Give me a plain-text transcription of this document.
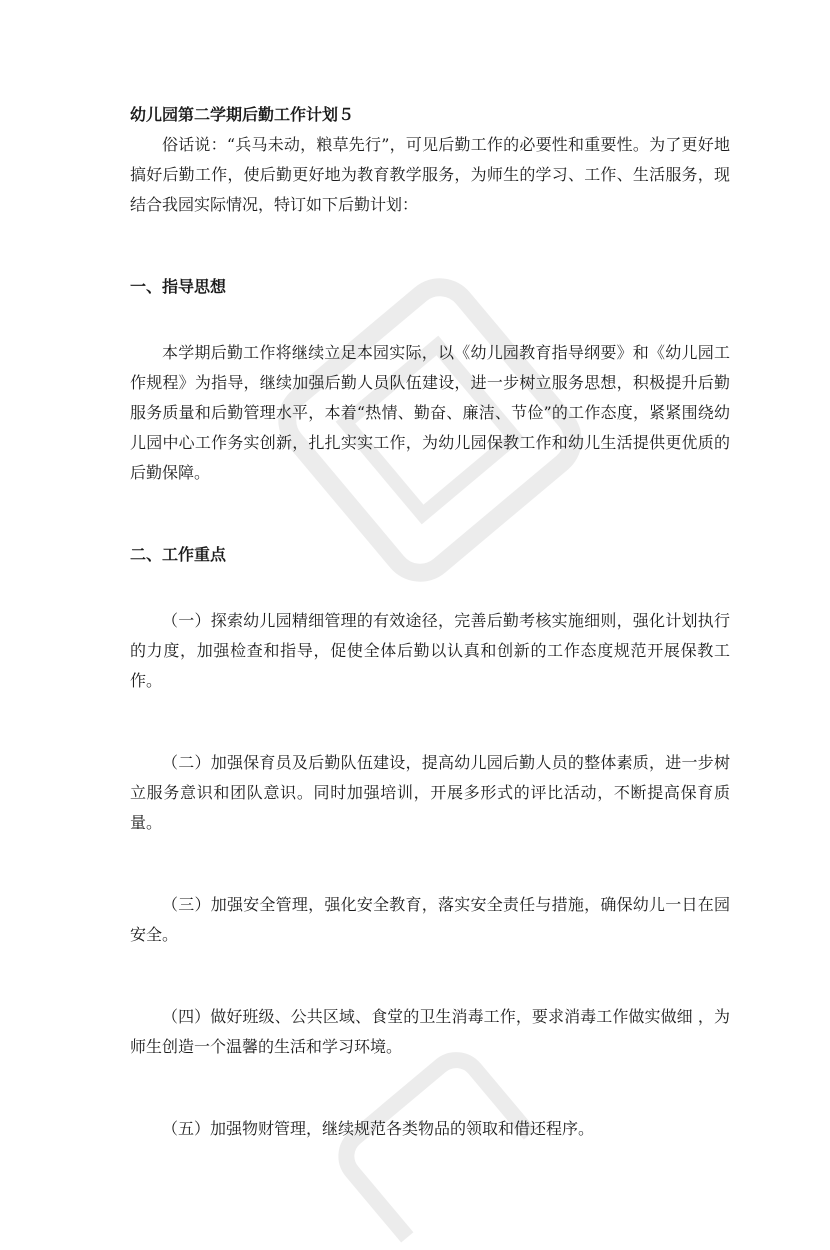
幼儿园第二学期后勤工作计划５

俗话说：“兵马未动，粮草先行”，可见后勤工作的必要性和重要性。为了更好地搞好后勤工作，使后勤更好地为教育教学服务，为师生的学习、工作、生活服务，现结合我园实际情况，特订如下后勤计划：

一、指导思想

本学期后勤工作将继续立足本园实际，以《幼儿园教育指导纲要》和《幼儿园工作规程》为指导，继续加强后勤人员队伍建设，进一步树立服务思想，积极提升后勤服务质量和后勤管理水平，本着“热情、勤奋、廉洁、节俭”的工作态度，紧紧围绕幼儿园中心工作务实创新，扎扎实实工作，为幼儿园保教工作和幼儿生活提供更优质的后勤保障。

二、工作重点

（一）探索幼儿园精细管理的有效途径，完善后勤考核实施细则，强化计划执行的力度，加强检查和指导，促使全体后勤以认真和创新的工作态度规范开展保教工作。

（二）加强保育员及后勤队伍建设，提高幼儿园后勤人员的整体素质，进一步树立服务意识和团队意识。同时加强培训，开展多形式的评比活动，不断提高保育质量。

（三）加强安全管理，强化安全教育，落实安全责任与措施，确保幼儿一日在园安全。

（四）做好班级、公共区域、食堂的卫生消毒工作，要求消毒工作做实做细 ，为师生创造一个温馨的生活和学习环境。

（五）加强物财管理，继续规范各类物品的领取和借还程序。
